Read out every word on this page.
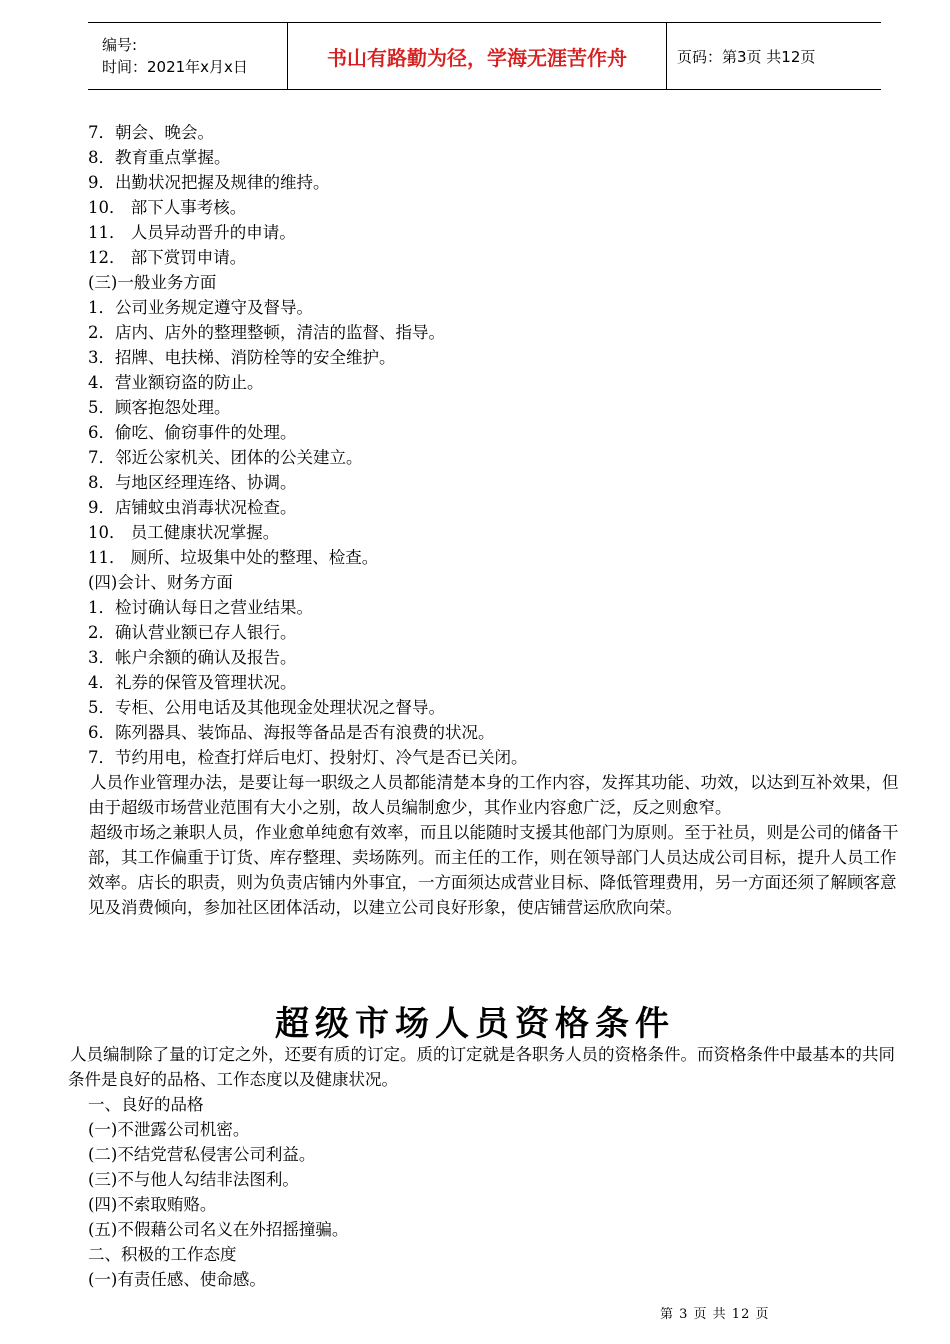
编号:
时间：2021年x月x日	书山有路勤为径，学海无涯苦作舟	页码：第3页 共12页
7．朝会、晚会。
8．教育重点掌握。
9．出勤状况把握及规律的维持。
10． 部下人事考核。
11． 人员异动晋升的申请。
12． 部下赏罚申请。
(三)一般业务方面
1．公司业务规定遵守及督导。
2．店内、店外的整理整顿，清洁的监督、指导。
3．招牌、电扶梯、消防栓等的安全维护。
4．营业额窃盗的防止。
5．顾客抱怨处理。
6．偷吃、偷窃事件的处理。
7．邻近公家机关、团体的公关建立。
8．与地区经理连络、协调。
9．店铺蚊虫消毒状况检查。
10． 员工健康状况掌握。
11． 厕所、垃圾集中处的整理、检查。
(四)会计、财务方面
1．检讨确认每日之营业结果。
2．确认营业额已存人银行。
3．帐户余额的确认及报告。
4．礼券的保管及管理状况。
5．专柜、公用电话及其他现金处理状况之督导。
6．陈列器具、装饰品、海报等备品是否有浪费的状况。
7．节约用电，检查打烊后电灯、投射灯、冷气是否已关闭。
人员作业管理办法，是要让每一职级之人员都能清楚本身的工作内容，发挥其功能、功效，以达到互补效果，但由于超级市场营业范围有大小之别，故人员编制愈少，其作业内容愈广泛，反之则愈窄。
超级市场之兼职人员，作业愈单纯愈有效率，而且以能随时支援其他部门为原则。至于社员，则是公司的储备干部，其工作偏重于订货、库存整理、卖场陈列。而主任的工作，则在领导部门人员达成公司目标，提升人员工作效率。店长的职责，则为负责店铺内外事宜，一方面须达成营业目标、降低管理费用，另一方面还须了解顾客意见及消费倾向，参加社区团体活动，以建立公司良好形象，使店铺营运欣欣向荣。
超级市场人员资格条件
人员编制除了量的订定之外，还要有质的订定。质的订定就是各职务人员的资格条件。而资格条件中最基本的共同条件是良好的品格、工作态度以及健康状况。
一、良好的品格
(一)不泄露公司机密。
(二)不结党营私侵害公司利益。
(三)不与他人勾结非法图利。
(四)不索取贿赂。
(五)不假藉公司名义在外招摇撞骗。
二、积极的工作态度
(一)有责任感、使命感。
第 3 页 共 12 页
